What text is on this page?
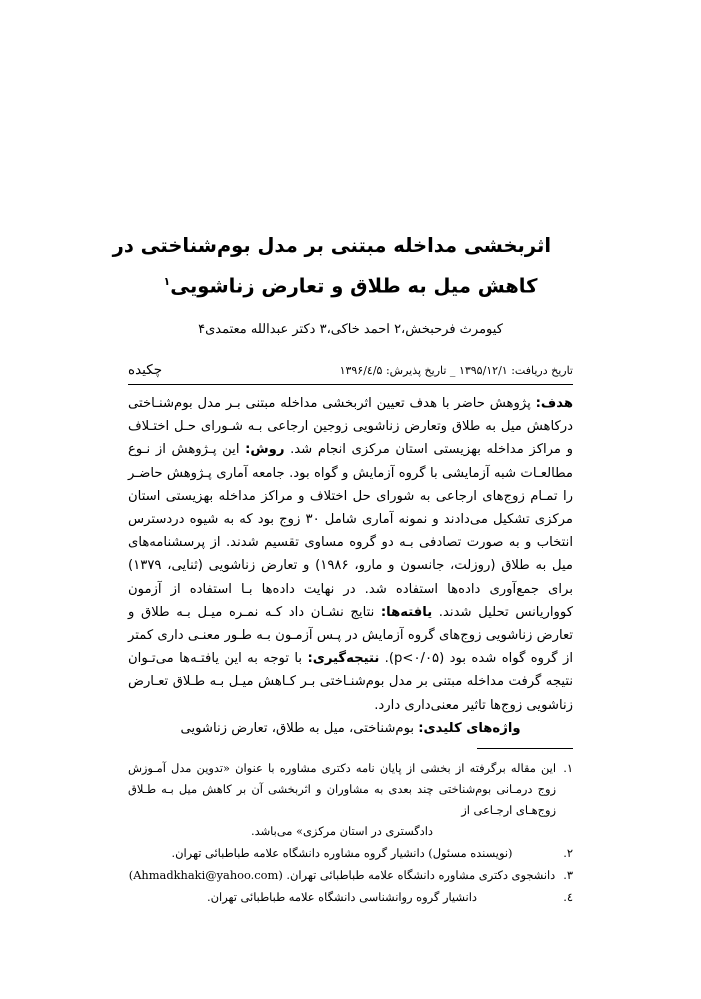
اثربخشی مداخله مبتنی بر مدل بوم‌شناختی در
کاهش میل به طلاق و تعارض زناشویی$^۱$
کیومرث فرحبخش،۲ احمد خاکی،۳ دکتر عبدالله معتمدی۴
تاریخ دریافت: ۱۳۹۵/۱۲/۱ _ تاریخ پذیرش: ۱۳۹۶/٤/۵
چکیده
هدف: پژوهش حاضر با هدف تعیین اثربخشی مداخله مبتنی بـر مدل بوم‌شنـاختی درکاهش میل به طلاق وتعارض زناشویی زوجین ارجاعی بـه شـورای حـل اختـلاف و مراکز مداخله بهزیستی استان مرکزی انجام شد. روش: این پـژوهش از نـوع مطالعـات شبه آزمایشی با گروه آزمایش و گواه بود. جامعه آماری پـژوهش حاضـر را تمـام زوج‌های ارجاعی به شورای حل اختلاف و مراکز مداخله بهزیستی استان مرکزی تشکیل می‌دادند و نمونه آماری شامل ۳۰ زوج بود که به شیوه دردسترس انتخاب و به صورت تصادفی بـه دو گروه مساوی تقسیم شدند. از پرسشنامه‌های میل به طلاق (روزلت، جانسون و مارو، ۱۹۸۶) و تعارض زناشویی (ثنایی، ۱۳۷۹) برای جمع‌آوری داده‌ها استفاده شد. در نهایت داده‌ها بـا استفاده از آزمون کوواریانس تحلیل شدند. یافته‌ها: نتایج نشـان داد کـه نمـره میـل بـه طلاق و تعارض زناشویی زوج‌های گروه آزمایش در پـس آزمـون بـه طـور معنـی داری کمتر از گروه گواه شده بود (p<۰/۰۵). نتیجه‌گیری: با توجه به این یافتـه‌ها می‌تـوان نتیجه گرفت مداخله مبتنی بر مدل بوم‌شنـاختی بـر کـاهش میـل بـه طـلاق تعـارض زناشویی زوج‌ها تاثیر معنی‌داری دارد.
واژه‌های کلیدی: بوم‌شناختی، میل به طلاق، تعارض زناشویی
۱.
این مقاله برگرفته از بخشی از پایان نامه دکتری مشاوره با عنوان «تدوین مدل آمـوزش زوج درمـانی بوم‌شناختی چند بعدی به مشاوران و اثربخشی آن بر کاهش میل بـه طـلاق زوج‌هـای ارجـاعی از

دادگستری در استان مرکزی» می‌باشد.
۲.
(نویسنده مسئول) دانشیار گروه مشاوره دانشگاه علامه طباطبائی تهران.
۳.
دانشجوی دکتری مشاوره دانشگاه علامه طباطبائی تهران. (Ahmadkhaki@yahoo.com)
٤.
دانشیار گروه روانشناسی دانشگاه علامه طباطبائی تهران.
